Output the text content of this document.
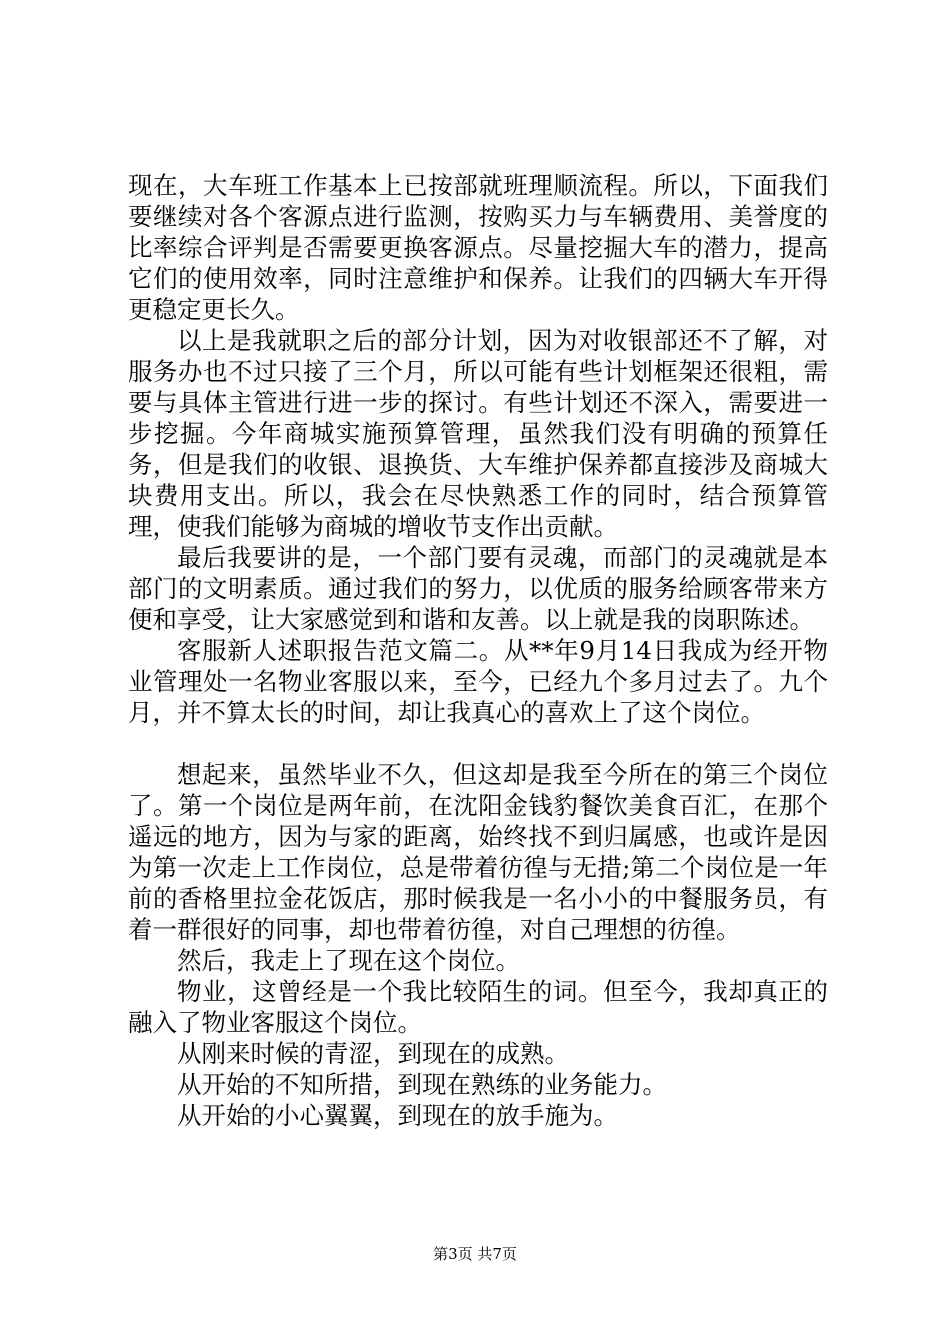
现在，大车班工作基本上已按部就班理顺流程。所以，下面我们要继续对各个客源点进行监测，按购买力与车辆费用、美誉度的比率综合评判是否需要更换客源点。尽量挖掘大车的潜力，提高它们的使用效率，同时注意维护和保养。让我们的四辆大车开得更稳定更长久。

以上是我就职之后的部分计划，因为对收银部还不了解，对服务办也不过只接了三个月，所以可能有些计划框架还很粗，需要与具体主管进行进一步的探讨。有些计划还不深入，需要进一步挖掘。今年商城实施预算管理，虽然我们没有明确的预算任务，但是我们的收银、退换货、大车维护保养都直接涉及商城大块费用支出。所以，我会在尽快熟悉工作的同时，结合预算管理，使我们能够为商城的增收节支作出贡献。

最后我要讲的是，一个部门要有灵魂，而部门的灵魂就是本部门的文明素质。通过我们的努力，以优质的服务给顾客带来方便和享受，让大家感觉到和谐和友善。以上就是我的岗职陈述。

客服新人述职报告范文篇二。从**年9月14日我成为经开物业管理处一名物业客服以来，至今，已经九个多月过去了。九个月，并不算太长的时间，却让我真心的喜欢上了这个岗位。

想起来，虽然毕业不久，但这却是我至今所在的第三个岗位了。第一个岗位是两年前，在沈阳金钱豹餐饮美食百汇，在那个遥远的地方，因为与家的距离，始终找不到归属感，也或许是因为第一次走上工作岗位，总是带着彷徨与无措;第二个岗位是一年前的香格里拉金花饭店，那时候我是一名小小的中餐服务员，有着一群很好的同事，却也带着彷徨，对自己理想的彷徨。

然后，我走上了现在这个岗位。

物业，这曾经是一个我比较陌生的词。但至今，我却真正的融入了物业客服这个岗位。

从刚来时候的青涩，到现在的成熟。

从开始的不知所措，到现在熟练的业务能力。

从开始的小心翼翼，到现在的放手施为。

第3页 共7页
